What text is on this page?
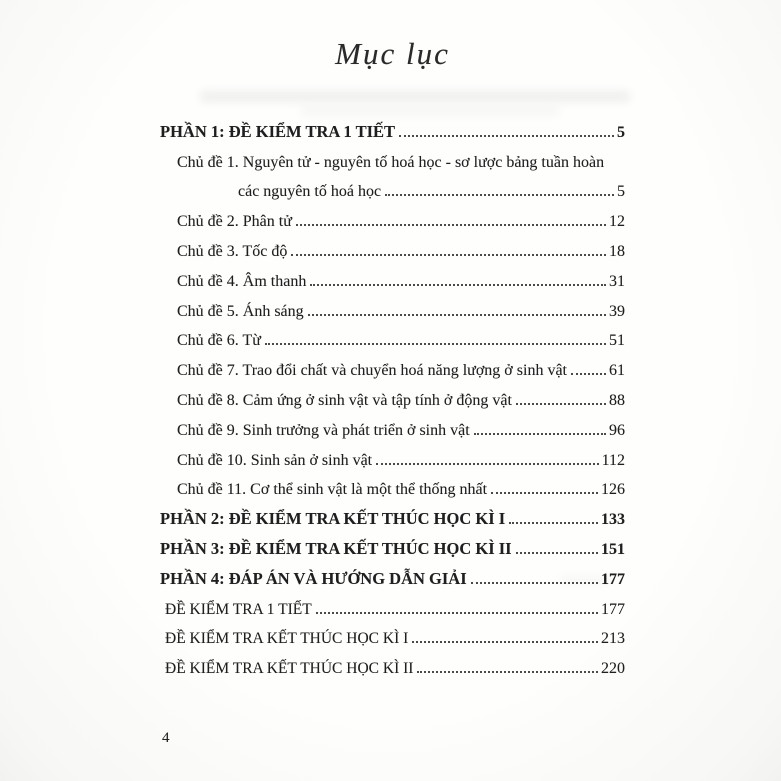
Mục lục
PHẦN 1: ĐỀ KIỂM TRA 1 TIẾT	5
Chủ đề 1. Nguyên tử - nguyên tố hoá học - sơ lược bảng tuần hoàn
các nguyên tố hoá học	5
Chủ đề 2. Phân tử	12
Chủ đề 3. Tốc độ	18
Chủ đề 4. Âm thanh	31
Chủ đề 5. Ánh sáng	39
Chủ đề 6. Từ	51
Chủ đề 7. Trao đổi chất và chuyển hoá năng lượng ở sinh vật	61
Chủ đề 8. Cảm ứng ở sinh vật và tập tính ở động vật	88
Chủ đề 9. Sinh trưởng và phát triển ở sinh vật	96
Chủ đề 10. Sinh sản ở sinh vật	112
Chủ đề 11. Cơ thể sinh vật là một thể thống nhất	126
PHẦN 2: ĐỀ KIỂM TRA KẾT THÚC HỌC KÌ I	133
PHẦN 3: ĐỀ KIỂM TRA KẾT THÚC HỌC KÌ II	151
PHẦN 4: ĐÁP ÁN VÀ HƯỚNG DẪN GIẢI	177
ĐỀ KIỂM TRA 1 TIẾT	177
ĐỀ KIỂM TRA KẾT THÚC HỌC KÌ I	213
ĐỀ KIỂM TRA KẾT THÚC HỌC KÌ II	220
4
